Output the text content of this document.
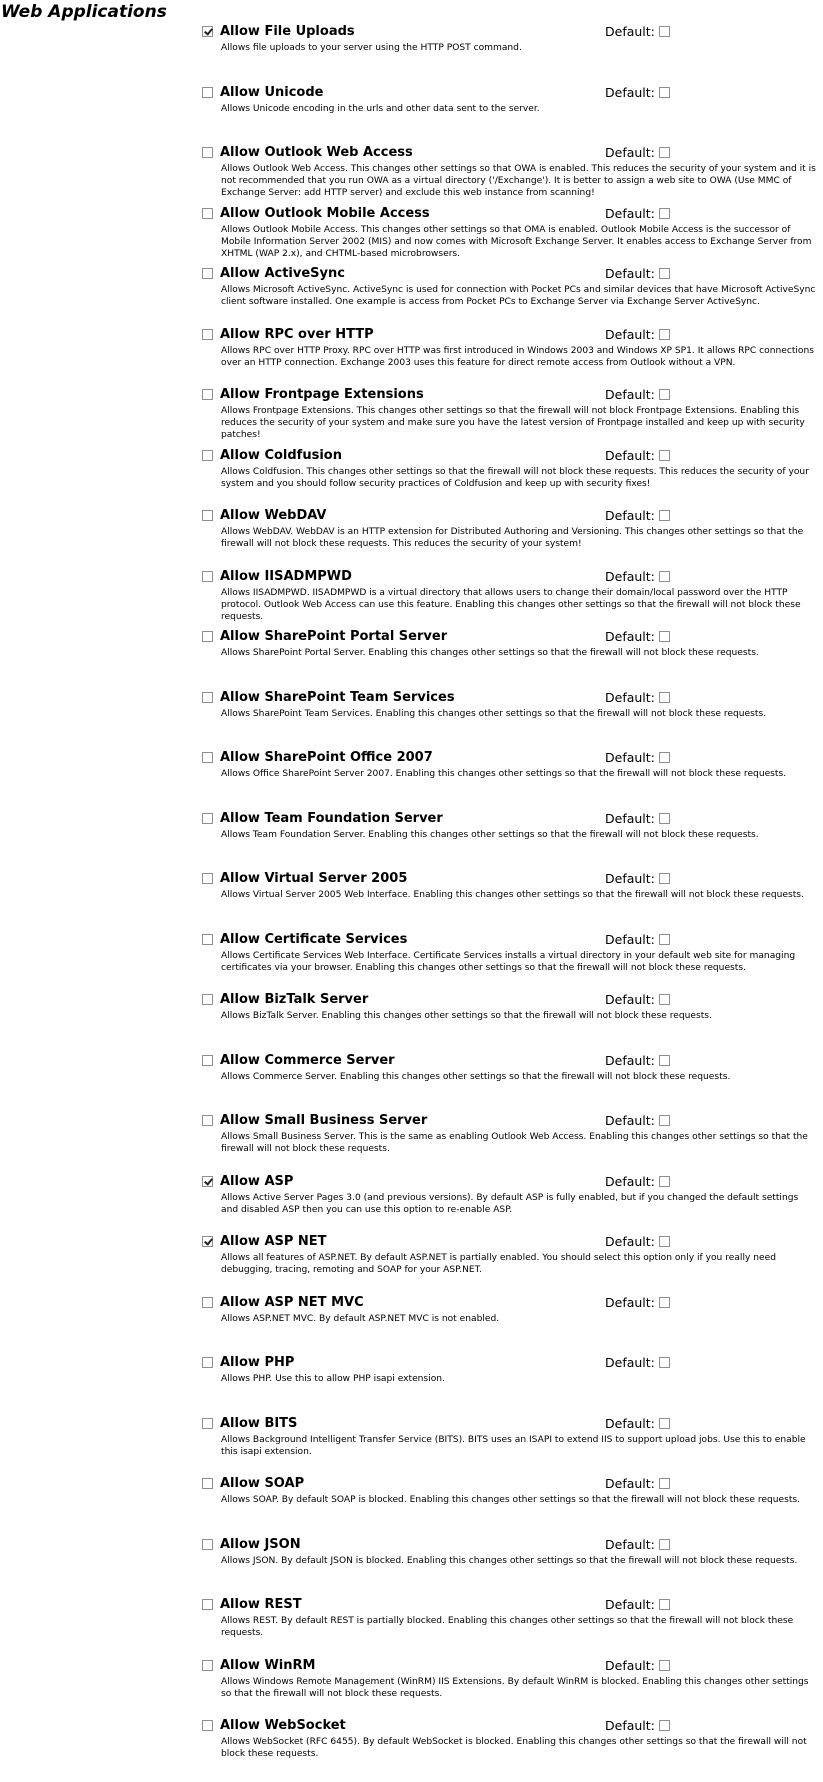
Web Applications
Allow File Uploads	$^{Default:}$

Allows file uploads to your server using the HTTP POST command.

Allow Unicode	$^{Default:}$

Allows Unicode encoding in the urls and other data sent to the server.

Allow Outlook Web Access	$^{Default:}$

Allows Outlook Web Access. This changes other settings so that OWA is enabled. This reduces the security of your system and it is not recommended that you run OWA as a virtual directory ('/Exchange'). It is better to assign a web site to OWA (Use MMC of Exchange Server: add HTTP server) and exclude this web instance from scanning!

Allow Outlook Mobile Access	$^{Default:}$

Allows Outlook Mobile Access. This changes other settings so that OMA is enabled. Outlook Mobile Access is the successor of Mobile Information Server 2002 (MIS) and now comes with Microsoft Exchange Server. It enables access to Exchange Server from XHTML (WAP 2.x), and CHTML-based microbrowsers.

Allow ActiveSync	$^{Default:}$

Allows Microsoft ActiveSync. ActiveSync is used for connection with Pocket PCs and similar devices that have Microsoft ActiveSync client software installed. One example is access from Pocket PCs to Exchange Server via Exchange Server ActiveSync.

Allow RPC over HTTP	$^{Default:}$

Allows RPC over HTTP Proxy. RPC over HTTP was first introduced in Windows 2003 and Windows XP SP1. It allows RPC connections over an HTTP connection. Exchange 2003 uses this feature for direct remote access from Outlook without a VPN.

Allow Frontpage Extensions	$^{Default:}$

Allows Frontpage Extensions. This changes other settings so that the firewall will not block Frontpage Extensions. Enabling this reduces the security of your system and make sure you have the latest version of Frontpage installed and keep up with security patches!

Allow Coldfusion	$^{Default:}$

Allows Coldfusion. This changes other settings so that the firewall will not block these requests. This reduces the security of your system and you should follow security practices of Coldfusion and keep up with security fixes!

Allow WebDAV	$^{Default:}$

Allows WebDAV. WebDAV is an HTTP extension for Distributed Authoring and Versioning. This changes other settings so that the firewall will not block these requests. This reduces the security of your system!

Allow IISADMPWD	$^{Default:}$

Allows IISADMPWD. IISADMPWD is a virtual directory that allows users to change their domain/local password over the HTTP protocol. Outlook Web Access can use this feature. Enabling this changes other settings so that the firewall will not block these requests.

Allow SharePoint Portal Server	$^{Default:}$

Allows SharePoint Portal Server. Enabling this changes other settings so that the firewall will not block these requests.

Allow SharePoint Team Services	$^{Default:}$

Allows SharePoint Team Services. Enabling this changes other settings so that the firewall will not block these requests.

Allow SharePoint Office 2007	$^{Default:}$

Allows Office SharePoint Server 2007. Enabling this changes other settings so that the firewall will not block these requests.

Allow Team Foundation Server	$^{Default:}$

Allows Team Foundation Server. Enabling this changes other settings so that the firewall will not block these requests.

Allow Virtual Server 2005	$^{Default:}$

Allows Virtual Server 2005 Web Interface. Enabling this changes other settings so that the firewall will not block these requests.

Allow Certificate Services	$^{Default:}$

Allows Certificate Services Web Interface. Certificate Services installs a virtual directory in your default web site for managing certificates via your browser. Enabling this changes other settings so that the firewall will not block these requests.

Allow BizTalk Server	$^{Default:}$

Allows BizTalk Server. Enabling this changes other settings so that the firewall will not block these requests.

Allow Commerce Server	$^{Default:}$

Allows Commerce Server. Enabling this changes other settings so that the firewall will not block these requests.

Allow Small Business Server	$^{Default:}$

Allows Small Business Server. This is the same as enabling Outlook Web Access. Enabling this changes other settings so that the firewall will not block these requests.

Allow ASP	$^{Default:}$

Allows Active Server Pages 3.0 (and previous versions). By default ASP is fully enabled, but if you changed the default settings and disabled ASP then you can use this option to re-enable ASP.

Allow ASP NET	$^{Default:}$

Allows all features of ASP.NET. By default ASP.NET is partially enabled. You should select this option only if you really need debugging, tracing, remoting and SOAP for your ASP.NET.

Allow ASP NET MVC	$^{Default:}$

Allows ASP.NET MVC. By default ASP.NET MVC is not enabled.

Allow PHP	$^{Default:}$

Allows PHP. Use this to allow PHP isapi extension.

Allow BITS	$^{Default:}$

Allows Background Intelligent Transfer Service (BITS). BITS uses an ISAPI to extend IIS to support upload jobs. Use this to enable this isapi extension.

Allow SOAP	$^{Default:}$

Allows SOAP. By default SOAP is blocked. Enabling this changes other settings so that the firewall will not block these requests.

Allow JSON	$^{Default:}$

Allows JSON. By default JSON is blocked. Enabling this changes other settings so that the firewall will not block these requests.

Allow REST	$^{Default:}$

Allows REST. By default REST is partially blocked. Enabling this changes other settings so that the firewall will not block these requests.

Allow WinRM	$^{Default:}$

Allows Windows Remote Management (WinRM) IIS Extensions. By default WinRM is blocked. Enabling this changes other settings so that the firewall will not block these requests.

Allow WebSocket	$^{Default:}$

Allows WebSocket (RFC 6455). By default WebSocket is blocked. Enabling this changes other settings so that the firewall will not block these requests.
